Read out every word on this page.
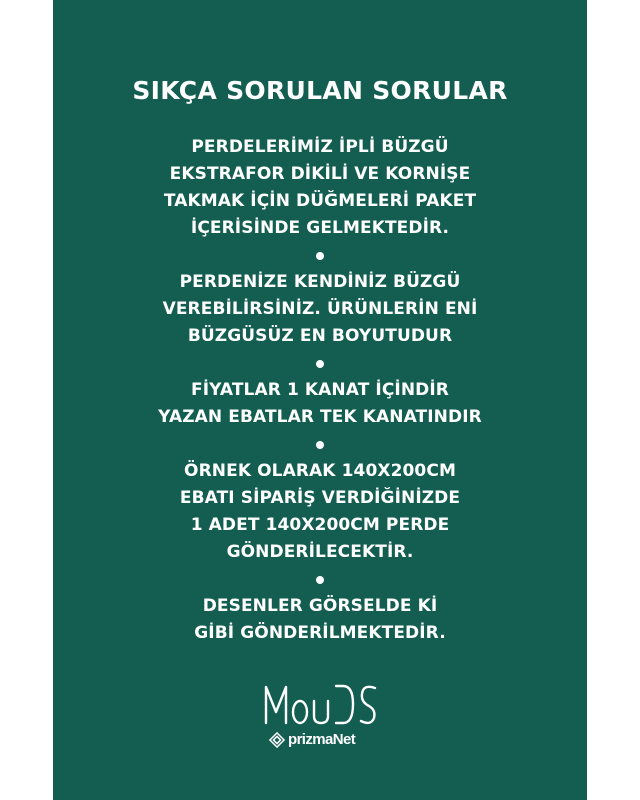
SIKÇA SORULAN SORULAR
PERDELERİMİZ İPLİ BÜZGÜ
EKSTRAFOR DİKİLİ VE KORNİŞE
TAKMAK İÇİN DÜĞMELERİ PAKET
İÇERİSİNDE GELMEKTEDİR.
PERDENİZE KENDİNİZ BÜZGÜ
VEREBİLİRSİNİZ. ÜRÜNLERİN ENİ
BÜZGÜSÜZ EN BOYUTUDUR
FİYATLAR 1 KANAT İÇİNDİR
YAZAN EBATLAR TEK KANATINDIR
ÖRNEK OLARAK 140X200CM
EBATI SİPARİŞ VERDİĞİNİZDE
1 ADET 140X200CM PERDE
GÖNDERİLECEKTİR.
DESENLER GÖRSELDE Kİ
GİBİ GÖNDERİLMEKTEDİR.
prizmaNet
